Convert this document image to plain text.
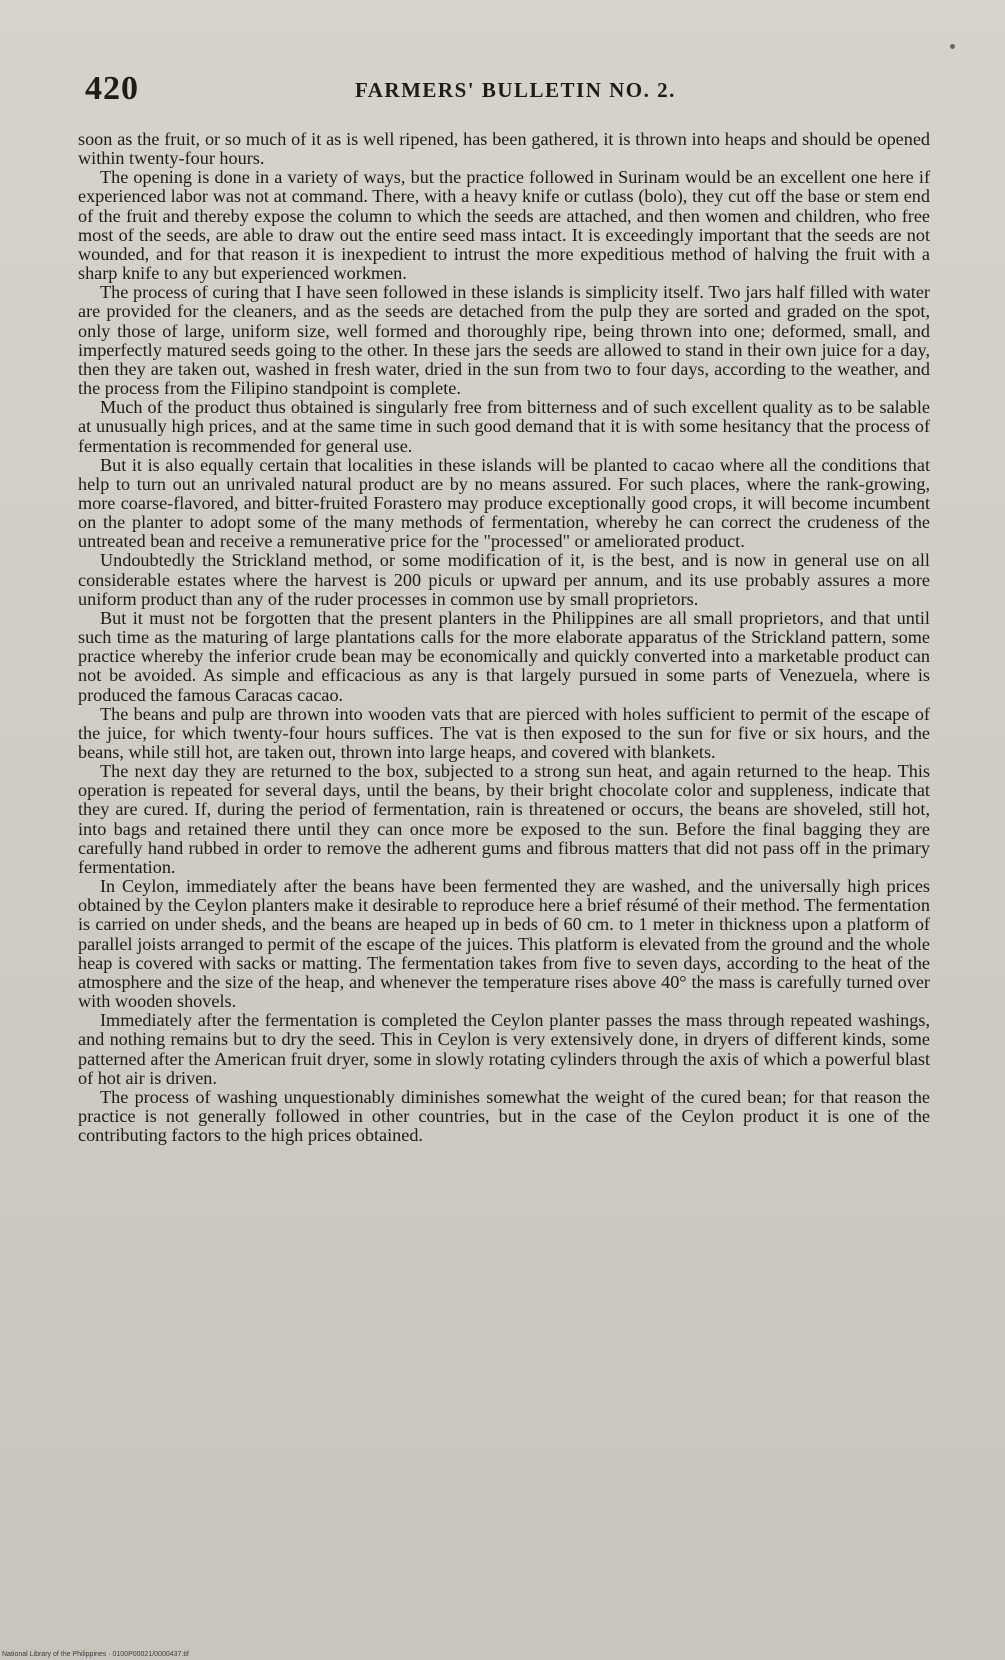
420	FARMERS' BULLETIN NO. 2.

soon as the fruit, or so much of it as is well ripened, has been gathered, it is thrown into heaps and should be opened within twenty-four hours.

The opening is done in a variety of ways, but the practice followed in Surinam would be an excellent one here if experienced labor was not at command. There, with a heavy knife or cutlass (bolo), they cut off the base or stem end of the fruit and thereby expose the column to which the seeds are attached, and then women and children, who free most of the seeds, are able to draw out the entire seed mass intact. It is exceedingly important that the seeds are not wounded, and for that reason it is inexpedient to intrust the more expeditious method of halving the fruit with a sharp knife to any but experienced workmen.

The process of curing that I have seen followed in these islands is simplicity itself. Two jars half filled with water are provided for the cleaners, and as the seeds are detached from the pulp they are sorted and graded on the spot, only those of large, uniform size, well formed and thoroughly ripe, being thrown into one; deformed, small, and imperfectly matured seeds going to the other. In these jars the seeds are allowed to stand in their own juice for a day, then they are taken out, washed in fresh water, dried in the sun from two to four days, according to the weather, and the process from the Filipino standpoint is complete.

Much of the product thus obtained is singularly free from bitterness and of such excellent quality as to be salable at unusually high prices, and at the same time in such good demand that it is with some hesitancy that the process of fermentation is recommended for general use.

But it is also equally certain that localities in these islands will be planted to cacao where all the conditions that help to turn out an unrivaled natural product are by no means assured. For such places, where the rank-growing, more coarse-flavored, and bitter-fruited Forastero may produce exceptionally good crops, it will become incumbent on the planter to adopt some of the many methods of fermentation, whereby he can correct the crudeness of the untreated bean and receive a remunerative price for the "processed" or ameliorated product.

Undoubtedly the Strickland method, or some modification of it, is the best, and is now in general use on all considerable estates where the harvest is 200 piculs or upward per annum, and its use probably assures a more uniform product than any of the ruder processes in common use by small proprietors.

But it must not be forgotten that the present planters in the Philippines are all small proprietors, and that until such time as the maturing of large plantations calls for the more elaborate apparatus of the Strickland pattern, some practice whereby the inferior crude bean may be economically and quickly converted into a marketable product can not be avoided. As simple and efficacious as any is that largely pursued in some parts of Venezuela, where is produced the famous Caracas cacao.

The beans and pulp are thrown into wooden vats that are pierced with holes sufficient to permit of the escape of the juice, for which twenty-four hours suffices. The vat is then exposed to the sun for five or six hours, and the beans, while still hot, are taken out, thrown into large heaps, and covered with blankets.

The next day they are returned to the box, subjected to a strong sun heat, and again returned to the heap. This operation is repeated for several days, until the beans, by their bright chocolate color and suppleness, indicate that they are cured. If, during the period of fermentation, rain is threatened or occurs, the beans are shoveled, still hot, into bags and retained there until they can once more be exposed to the sun. Before the final bagging they are carefully hand rubbed in order to remove the adherent gums and fibrous matters that did not pass off in the primary fermentation.

In Ceylon, immediately after the beans have been fermented they are washed, and the universally high prices obtained by the Ceylon planters make it desirable to reproduce here a brief résumé of their method. The fermentation is carried on under sheds, and the beans are heaped up in beds of 60 cm. to 1 meter in thickness upon a platform of parallel joists arranged to permit of the escape of the juices. This platform is elevated from the ground and the whole heap is covered with sacks or matting. The fermentation takes from five to seven days, according to the heat of the atmosphere and the size of the heap, and whenever the temperature rises above 40° the mass is carefully turned over with wooden shovels.

Immediately after the fermentation is completed the Ceylon planter passes the mass through repeated washings, and nothing remains but to dry the seed. This in Ceylon is very extensively done, in dryers of different kinds, some patterned after the American fruit dryer, some in slowly rotating cylinders through the axis of which a powerful blast of hot air is driven.

The process of washing unquestionably diminishes somewhat the weight of the cured bean; for that reason the practice is not generally followed in other countries, but in the case of the Ceylon product it is one of the contributing factors to the high prices obtained.

National Library of the Philippines · 0100P00021/0000437.tif
